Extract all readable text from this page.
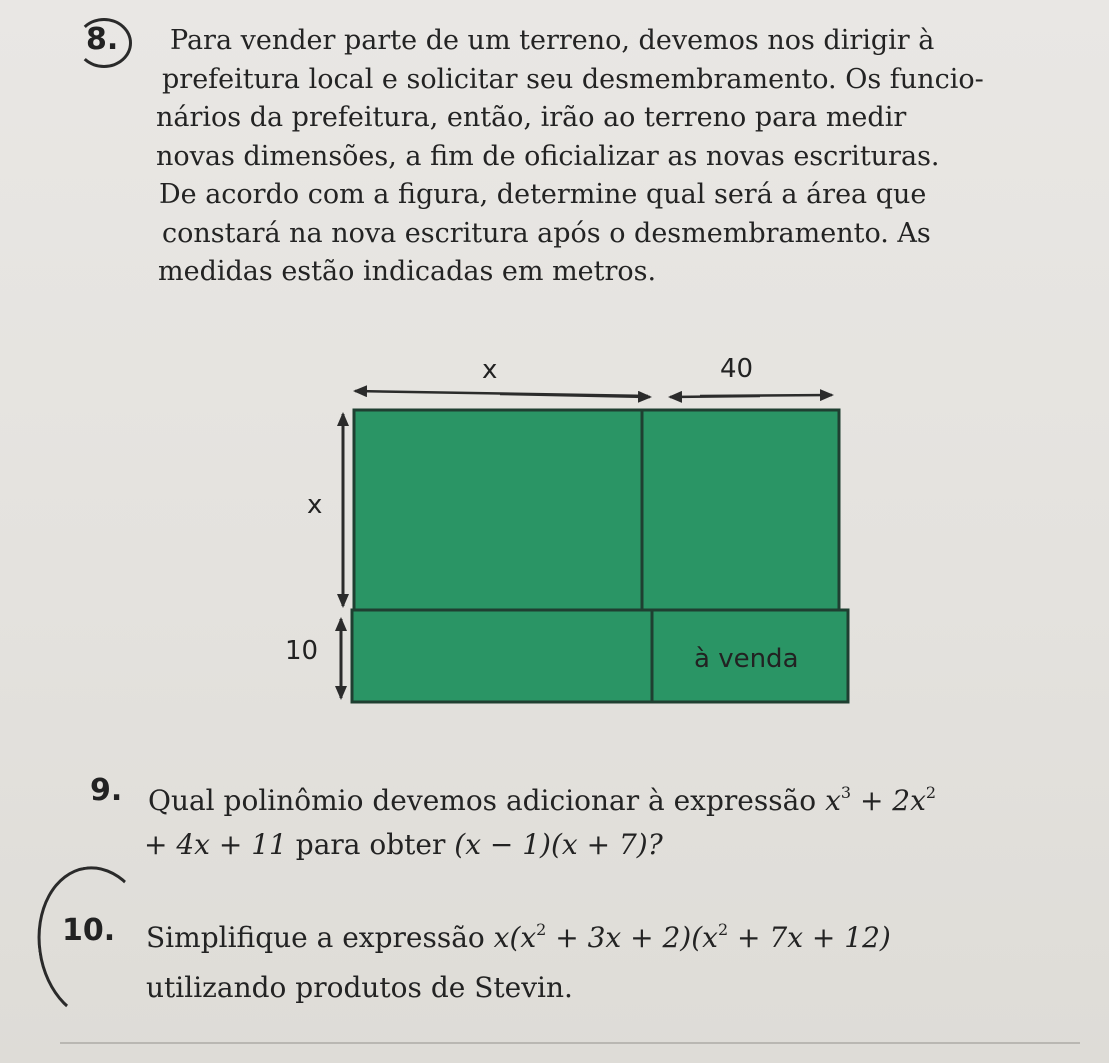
8. Para vender parte de um terreno, devemos nos dirigir à

prefeitura local e solicitar seu desmembramento. Os funcio-

nários da prefeitura, então, irão ao terreno para medir

novas dimensões, a fim de oficializar as novas escrituras.

De acordo com a figura, determine qual será a área que

constará na nova escritura após o desmembramento. As

medidas estão indicadas em metros.

x	40
x
10	à venda
9. Qual polinômio devemos adicionar à expressão $x^3 + 2x^2$

+ 4x + 11 para obter (x − 1)(x + 7)?

10. Simplifique a expressão $x(x^2 + 3x + 2)(x^2 + 7x + 12)$

utilizando produtos de Stevin.
